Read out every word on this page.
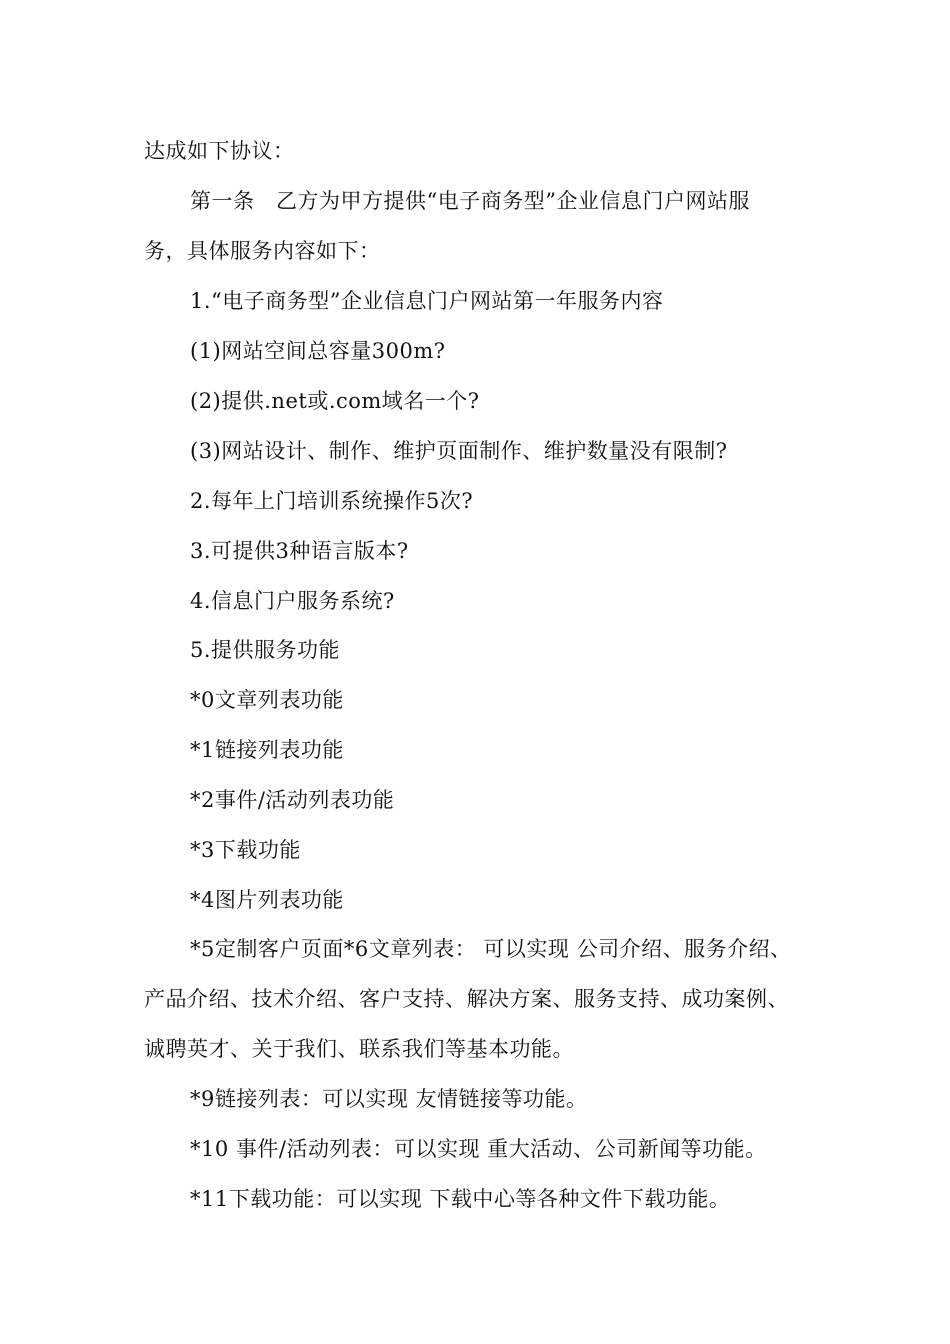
达成如下协议：
第一条　乙方为甲方提供“电子商务型”企业信息门户网站服
务，具体服务内容如下：
1.“电子商务型”企业信息门户网站第一年服务内容
(1)网站空间总容量300m?
(2)提供.net或.com域名一个?
(3)网站设计、制作、维护页面制作、维护数量没有限制?
2.每年上门培训系统操作5次?
3.可提供3种语言版本?
4.信息门户服务系统?
5.提供服务功能
*0文章列表功能
*1链接列表功能
*2事件/活动列表功能
*3下载功能
*4图片列表功能
*5定制客户页面*6文章列表： 可以实现 公司介绍、服务介绍、
产品介绍、技术介绍、客户支持、解决方案、服务支持、成功案例、
诚聘英才、关于我们、联系我们等基本功能。
*9链接列表：可以实现 友情链接等功能。
*10 事件/活动列表：可以实现 重大活动、公司新闻等功能。
*11下载功能：可以实现 下载中心等各种文件下载功能。
